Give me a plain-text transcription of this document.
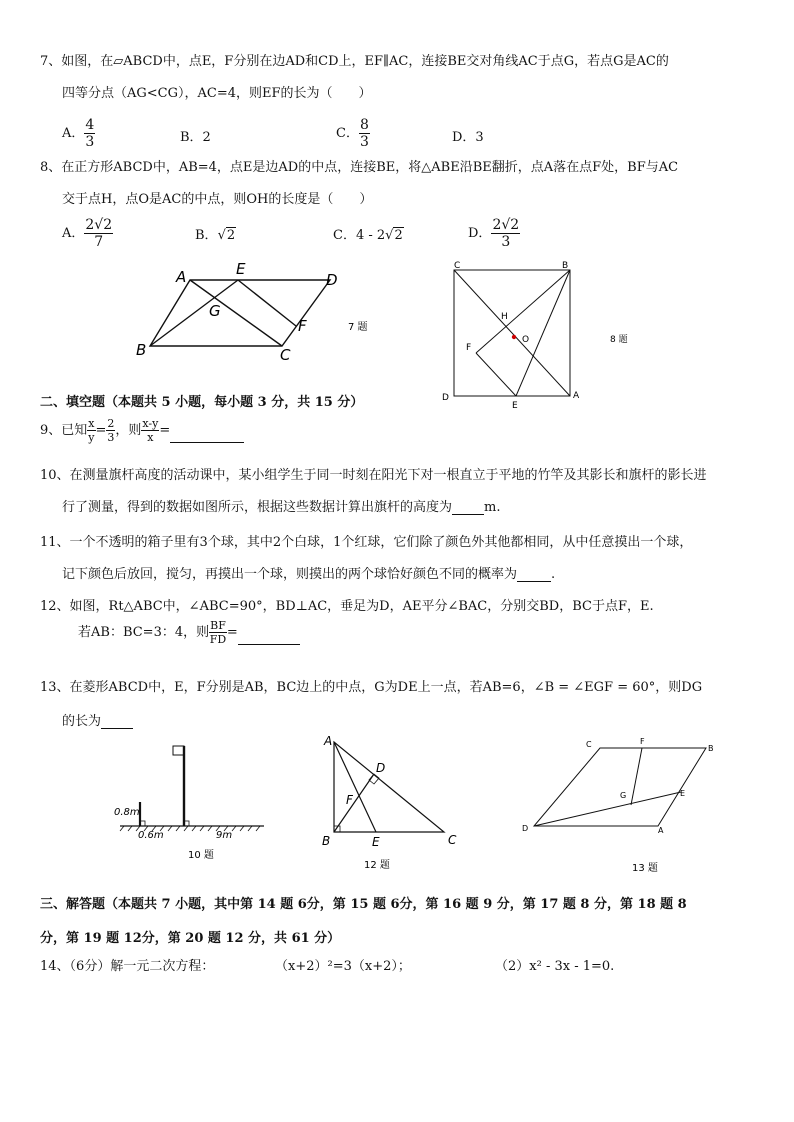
7、如图，在▱ABCD中，点E，F分别在边AD和CD上，EF∥AC，连接BE交对角线AC于点G，若点G是AC的
四等分点（AG<CG），AC=4，则EF的长为（　　）
A． $\frac{4}{3}$	B．2	C． $\frac{8}{3}$	D．3
8、在正方形ABCD中，AB=4，点E是边AD的中点，连接BE，将△ABE沿BE翻折，点A落在点F处，BF与AC
交于点H，点O是AC的中点，则OH的长度是（　　）
A． $\frac{2√2}{7}$	B．√2	C．4 - 2√2	D． $\frac{2√2}{3}$
A	E
D
G
F
B	C
7 题
C	B
H
O
F
D
E
A
8 题
二、填空题（本题共 5 小题，每小题 3 分，共 15 分）
9、已知 $\frac{x}{y} = \frac{2}{3}$ ，则 $\frac{x-y}{x}$ =
10、在测量旗杆高度的活动课中，某小组学生于同一时刻在阳光下对一根直立于平地的竹竿及其影长和旗杆的影长进
行了测量，得到的数据如图所示，根据这些数据计算出旗杆的高度为 m.
11、一个不透明的箱子里有3个球，其中2个白球，1个红球，它们除了颜色外其他都相同，从中任意摸出一个球，
记下颜色后放回，搅匀，再摸出一个球，则摸出的两个球恰好颜色不同的概率为	.
12、如图，Rt△ABC中，∠ABC=90°，BD⊥AC，垂足为D，AE平分∠BAC，分别交BD，BC于点F，E.
若AB：BC=3：4，则 $\frac{BF}{FD}$ =
13、在菱形ABCD中，E，F分别是AB，BC边上的中点，G为DE上一点，若AB=6，∠B = ∠EGF = 60°，则DG
的长为
0.8m
0.6m	9m
10 题
A
D
F
B	E	C
12 题
C	F
B
G	E
D	A
13 题
三、解答题（本题共 7 小题，其中第 14 题 6分，第 15 题 6分，第 16 题 9 分，第 17 题 8 分，第 18 题 8
分，第 19 题 12分，第 20 题 12 分，共 61 分）
14、（6分）解一元二次方程：	（x+2）²=3（x+2）；	（2）x² - 3x - 1=0.
